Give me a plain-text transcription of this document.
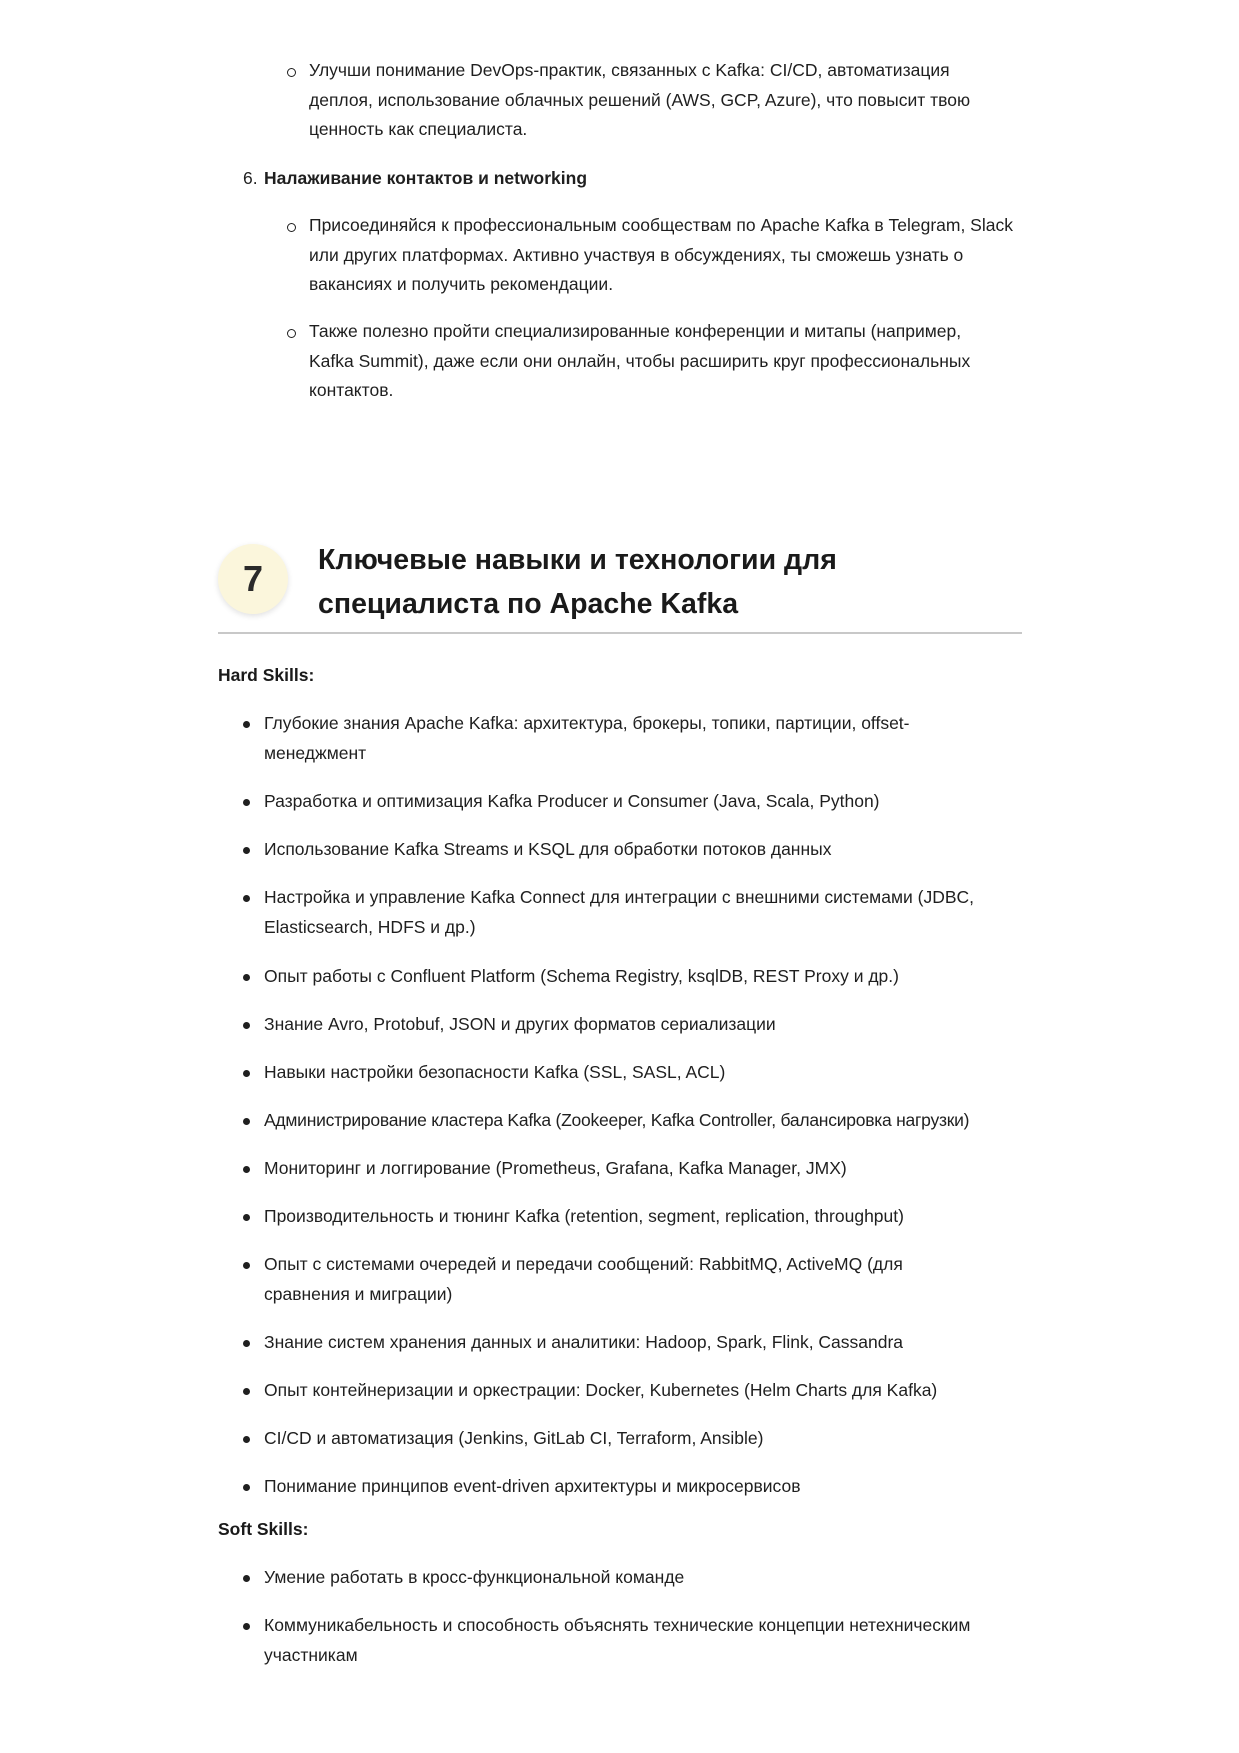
Улучши понимание DevOps-практик, связанных с Kafka: CI/CD, автоматизация деплоя, использование облачных решений (AWS, GCP, Azure), что повысит твою ценность как специалиста.
6. Налаживание контактов и networking
Присоединяйся к профессиональным сообществам по Apache Kafka в Telegram, Slack или других платформах. Активно участвуя в обсуждениях, ты сможешь узнать о вакансиях и получить рекомендации.
Также полезно пройти специализированные конференции и митапы (например, Kafka Summit), даже если они онлайн, чтобы расширить круг профессиональных контактов.
7	Ключевые навыки и технологии для специалиста по Apache Kafka
Hard Skills:
Глубокие знания Apache Kafka: архитектура, брокеры, топики, партиции, offset-менеджмент
Разработка и оптимизация Kafka Producer и Consumer (Java, Scala, Python)
Использование Kafka Streams и KSQL для обработки потоков данных
Настройка и управление Kafka Connect для интеграции с внешними системами (JDBC, Elasticsearch, HDFS и др.)
Опыт работы с Confluent Platform (Schema Registry, ksqlDB, REST Proxy и др.)
Знание Avro, Protobuf, JSON и других форматов сериализации
Навыки настройки безопасности Kafka (SSL, SASL, ACL)
Администрирование кластера Kafka (Zookeeper, Kafka Controller, балансировка нагрузки)
Мониторинг и логгирование (Prometheus, Grafana, Kafka Manager, JMX)
Производительность и тюнинг Kafka (retention, segment, replication, throughput)
Опыт с системами очередей и передачи сообщений: RabbitMQ, ActiveMQ (для сравнения и миграции)
Знание систем хранения данных и аналитики: Hadoop, Spark, Flink, Cassandra
Опыт контейнеризации и оркестрации: Docker, Kubernetes (Helm Charts для Kafka)
CI/CD и автоматизация (Jenkins, GitLab CI, Terraform, Ansible)
Понимание принципов event-driven архитектуры и микросервисов
Soft Skills:
Умение работать в кросс-функциональной команде
Коммуникабельность и способность объяснять технические концепции нетехническим участникам
